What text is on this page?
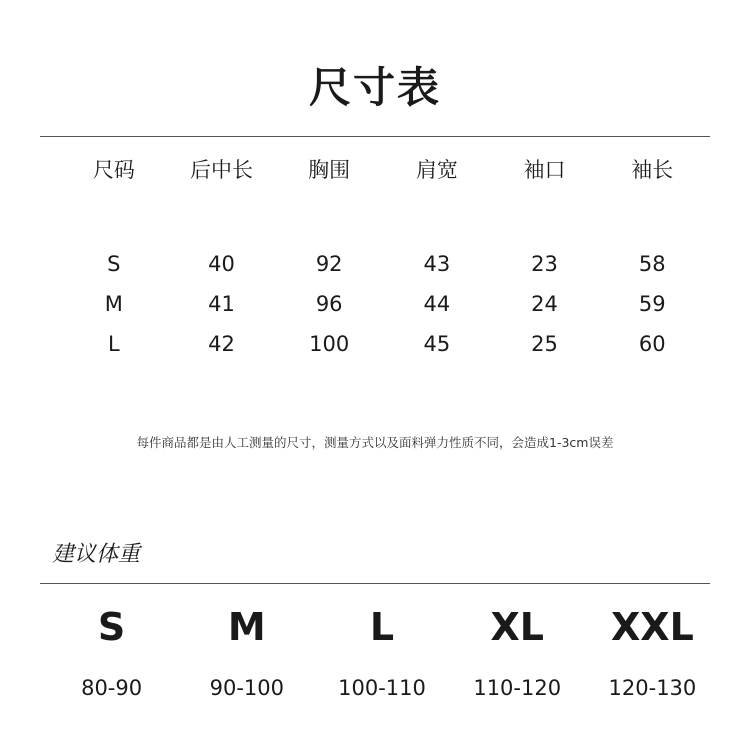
尺寸表
尺码	后中长	胸围	肩宽	袖口	袖长
S	40	92	43	23	58
M	41	96	44	24	59
L	42	100	45	25	60
每件商品都是由人工测量的尺寸，测量方式以及面料弹力性质不同，会造成1-3cm误差
建议体重
S	M	L	XL	XXL
80-90	90-100	100-110	110-120	120-130
